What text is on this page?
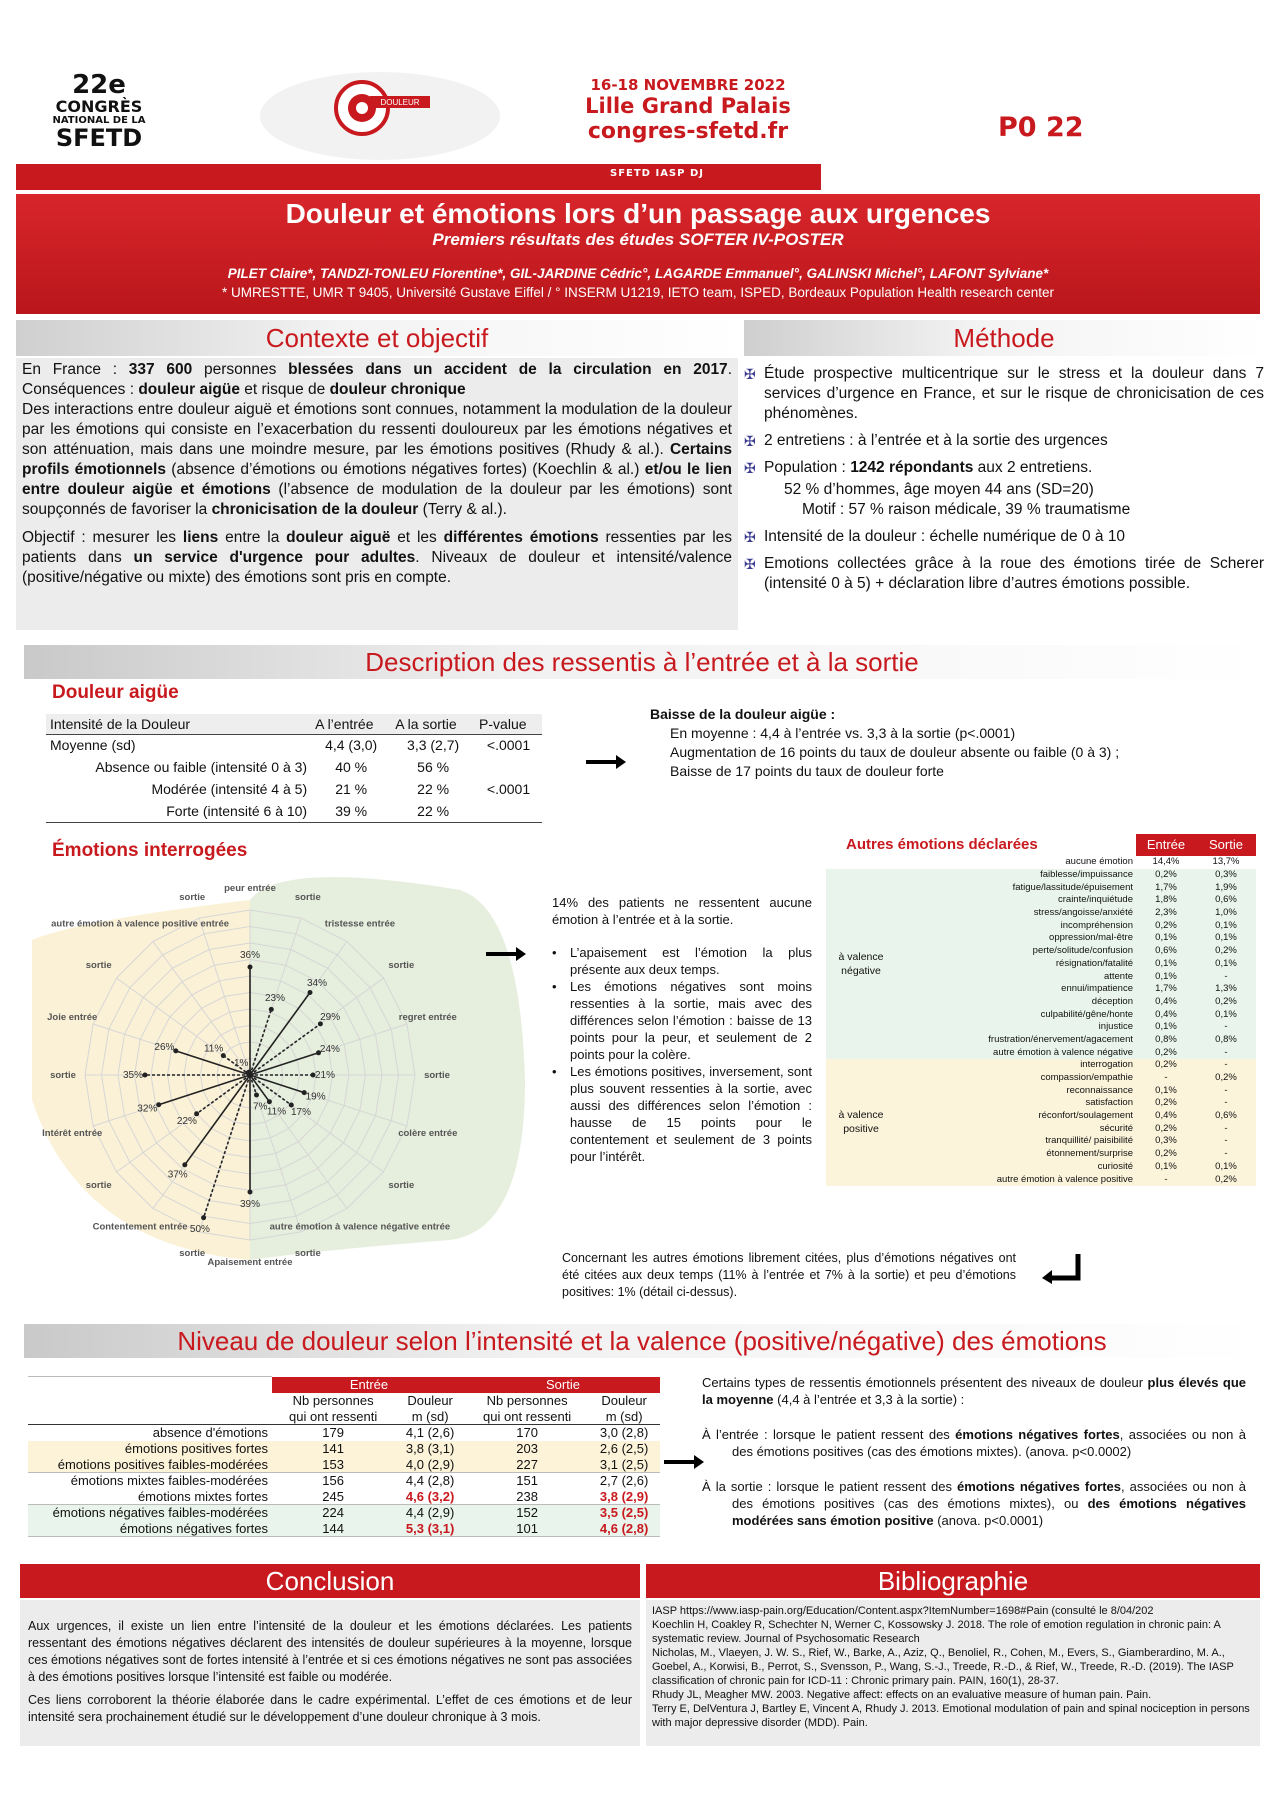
22e
CONGRÈS
NATIONAL DE LA
SFETD
DOULEUR
16-18 NOVEMBRE 2022
Lille Grand Palais
congres-sfetd.fr	P0 22
SFETD IASP DJ
Douleur et émotions lors d’un passage aux urgences
Premiers résultats des études SOFTER IV-POSTER
PILET Claire*, TANDZI-TONLEU Florentine*, GIL-JARDINE Cédric°, LAGARDE Emmanuel°, GALINSKI Michel°, LAFONT Sylviane*
* UMRESTTE, UMR T 9405, Université Gustave Eiffel / ° INSERM U1219, IETO team, ISPED, Bordeaux Population Health research center
Contexte et objectif
En France : 337 600 personnes blessées dans un accident de la circulation en 2017. Conséquences : douleur aigüe et risque de douleur chronique
Des interactions entre douleur aiguë et émotions sont connues, notamment la modulation de la douleur par les émotions qui consiste en l’exacerbation du ressenti douloureux par les émotions négatives et son atténuation, mais dans une moindre mesure, par les émotions positives (Rhudy & al.). Certains profils émotionnels (absence d’émotions ou émotions négatives fortes) (Koechlin & al.) et/ou le lien entre douleur aigüe et émotions (l’absence de modulation de la douleur par les émotions) sont soupçonnés de favoriser la chronicisation de la douleur (Terry & al.).
Objectif : mesurer les liens entre la douleur aiguë et les différentes émotions ressenties par les patients dans un service d'urgence pour adultes. Niveaux de douleur et intensité/valence (positive/négative ou mixte) des émotions sont pris en compte.
Méthode
✠ Étude prospective multicentrique sur le stress et la douleur dans 7 services d’urgence en France, et sur le risque de chronicisation de ces phénomènes.
✠ 2 entretiens : à l’entrée et à la sortie des urgences
✠ Population : 1242 répondants aux 2 entretiens.
52 % d’hommes, âge moyen 44 ans (SD=20)
Motif : 57 % raison médicale, 39 % traumatisme
✠ Intensité de la douleur : échelle numérique de 0 à 10
✠ Emotions collectées grâce à la roue des émotions tirée de Scherer (intensité 0 à 5) + déclaration libre d’autres émotions possible.
Description des ressentis à l’entrée et à la sortie
Douleur aigüe
Intensité de la Douleur	A l’entrée	A la sortie	P-value
Moyenne (sd)	4,4 (3,0)	3,3 (2,7)	<.0001
Absence ou faible (intensité 0 à 3)	40 %	56 %	
Modérée (intensité 4 à 5)	21 %	22 %	<.0001
Forte (intensité 6 à 10)	39 %	22 %	
Baisse de la douleur aigüe :
En moyenne : 4,4 à l’entrée vs. 3,3 à la sortie (p<.0001)
Augmentation de 16 points du taux de douleur absente ou faible (0 à 3) ;
Baisse de 17 points du taux de douleur forte
Émotions interrogées
36%
peur entrée
23%
sortie
34%
tristesse entrée
29%
sortie
24%
regret entrée
21%	sortie
19%
colère entrée
17%
sortie
11%
autre émotion à valence négative entrée
7%
sortie
39%
Apaisement entrée
50%
sortie
37%
Contentement entrée
22%
sortie
32%
Intérêt entrée
35%
sortie
26%
Joie entrée
11%
sortie
1%
autre émotion à valence positive entrée
sortie	14% des patients ne ressentent aucune émotion à l’entrée et à la sortie.
•	L’apaisement est l’émotion la plus présente aux deux temps.
•	Les émotions négatives sont moins ressenties à la sortie, mais avec des différences selon l’émotion : baisse de 13 points pour la peur, et seulement de 2 points pour la colère.
•	Les émotions positives, inversement, sont plus souvent ressenties à la sortie, avec aussi des différences selon l’émotion : hausse de 15 points pour le contentement et seulement de 3 points pour l’intérêt.
Autres émotions déclarées		Entrée	Sortie
	aucune émotion	14,4%	13,7%
à valence négative	faiblesse/impuissance	0,2%	0,3%
	fatigue/lassitude/épuisement	1,7%	1,9%
	crainte/inquiétude	1,8%	0,6%
	stress/angoisse/anxiété	2,3%	1,0%
	incompréhension	0,2%	0,1%
	oppression/mal-être	0,1%	0,1%
	perte/solitude/confusion	0,6%	0,2%
	résignation/fatalité	0,1%	0,1%
	attente	0,1%	-
	ennui/impatience	1,7%	1,3%
	déception	0,4%	0,2%
	culpabilité/gêne/honte	0,4%	0,1%
	injustice	0,1%	-
	frustration/énervement/agacement	0,8%	0,8%
	autre émotion à valence négative	0,2%	-
à valence positive	interrogation	0,2%	-
	compassion/empathie	-	0,2%
	reconnaissance	0,1%	-
	satisfaction	0,2%	-
	réconfort/soulagement	0,4%	0,6%
	sécurité	0,2%	-
	tranquillité/ paisibilité	0,3%	-
	étonnement/surprise	0,2%	-
	curiosité	0,1%	0,1%
	autre émotion à valence positive	-	0,2%
Concernant les autres émotions librement citées, plus d’émotions négatives ont été citées aux deux temps (11% à l’entrée et 7% à la sortie) et peu d’émotions positives: 1% (détail ci-dessus).
Niveau de douleur selon l’intensité et la valence (positive/négative) des émotions
	Entrée		Sortie	
	Nb personnes	Douleur	Nb personnes	Douleur
	qui ont ressenti	m (sd)	qui ont ressenti	m (sd)
absence d'émotions	179	4,1 (2,6)	170	3,0 (2,8)
émotions positives fortes	141	3,8 (3,1)	203	2,6 (2,5)
émotions positives faibles-modérées	153	4,0 (2,9)	227	3,1 (2,5)
émotions mixtes faibles-modérées	156	4,4 (2,8)	151	2,7 (2,6)
émotions mixtes fortes	245	4,6 (3,2)	238	3,8 (2,9)
émotions négatives faibles-modérées	224	4,4 (2,9)	152	3,5 (2,5)
émotions négatives fortes	144	5,3 (3,1)	101	4,6 (2,8)
Certains types de ressentis émotionnels présentent des niveaux de douleur plus élevés que la moyenne (4,4 à l’entrée et 3,3 à la sortie) :
À l’entrée : lorsque le patient ressent des émotions négatives fortes, associées ou non à des émotions positives (cas des émotions mixtes). (anova. p<0.0002)
À la sortie : lorsque le patient ressent des émotions négatives fortes, associées ou non à des émotions positives (cas des émotions mixtes), ou des émotions négatives modérées sans émotion positive (anova. p<0.0001)
Conclusion
Aux urgences, il existe un lien entre l’intensité de la douleur et les émotions déclarées. Les patients ressentant des émotions négatives déclarent des intensités de douleur supérieures à la moyenne, lorsque ces émotions négatives sont de fortes intensité à l’entrée et si ces émotions négatives ne sont pas associées à des émotions positives lorsque l’intensité est faible ou modérée.
Ces liens corroborent la théorie élaborée dans le cadre expérimental. L’effet de ces émotions et de leur intensité sera prochainement étudié sur le développement d’une douleur chronique à 3 mois.
Bibliographie
IASP https://www.iasp-pain.org/Education/Content.aspx?ItemNumber=1698#Pain (consulté le 8/04/202
Koechlin H, Coakley R, Schechter N, Werner C, Kossowsky J. 2018. The role of emotion regulation in chronic pain: A systematic review. Journal of Psychosomatic Research
Nicholas, M., Vlaeyen, J. W. S., Rief, W., Barke, A., Aziz, Q., Benoliel, R., Cohen, M., Evers, S., Giamberardino, M. A., Goebel, A., Korwisi, B., Perrot, S., Svensson, P., Wang, S.-J., Treede, R.-D., & Rief, W., Treede, R.-D. (2019). The IASP classification of chronic pain for ICD-11 : Chronic primary pain. PAIN, 160(1), 28-37.
Rhudy JL, Meagher MW. 2003. Negative affect: effects on an evaluative measure of human pain. Pain.
Terry E, DelVentura J, Bartley E, Vincent A, Rhudy J. 2013. Emotional modulation of pain and spinal nociception in persons with major depressive disorder (MDD). Pain.
